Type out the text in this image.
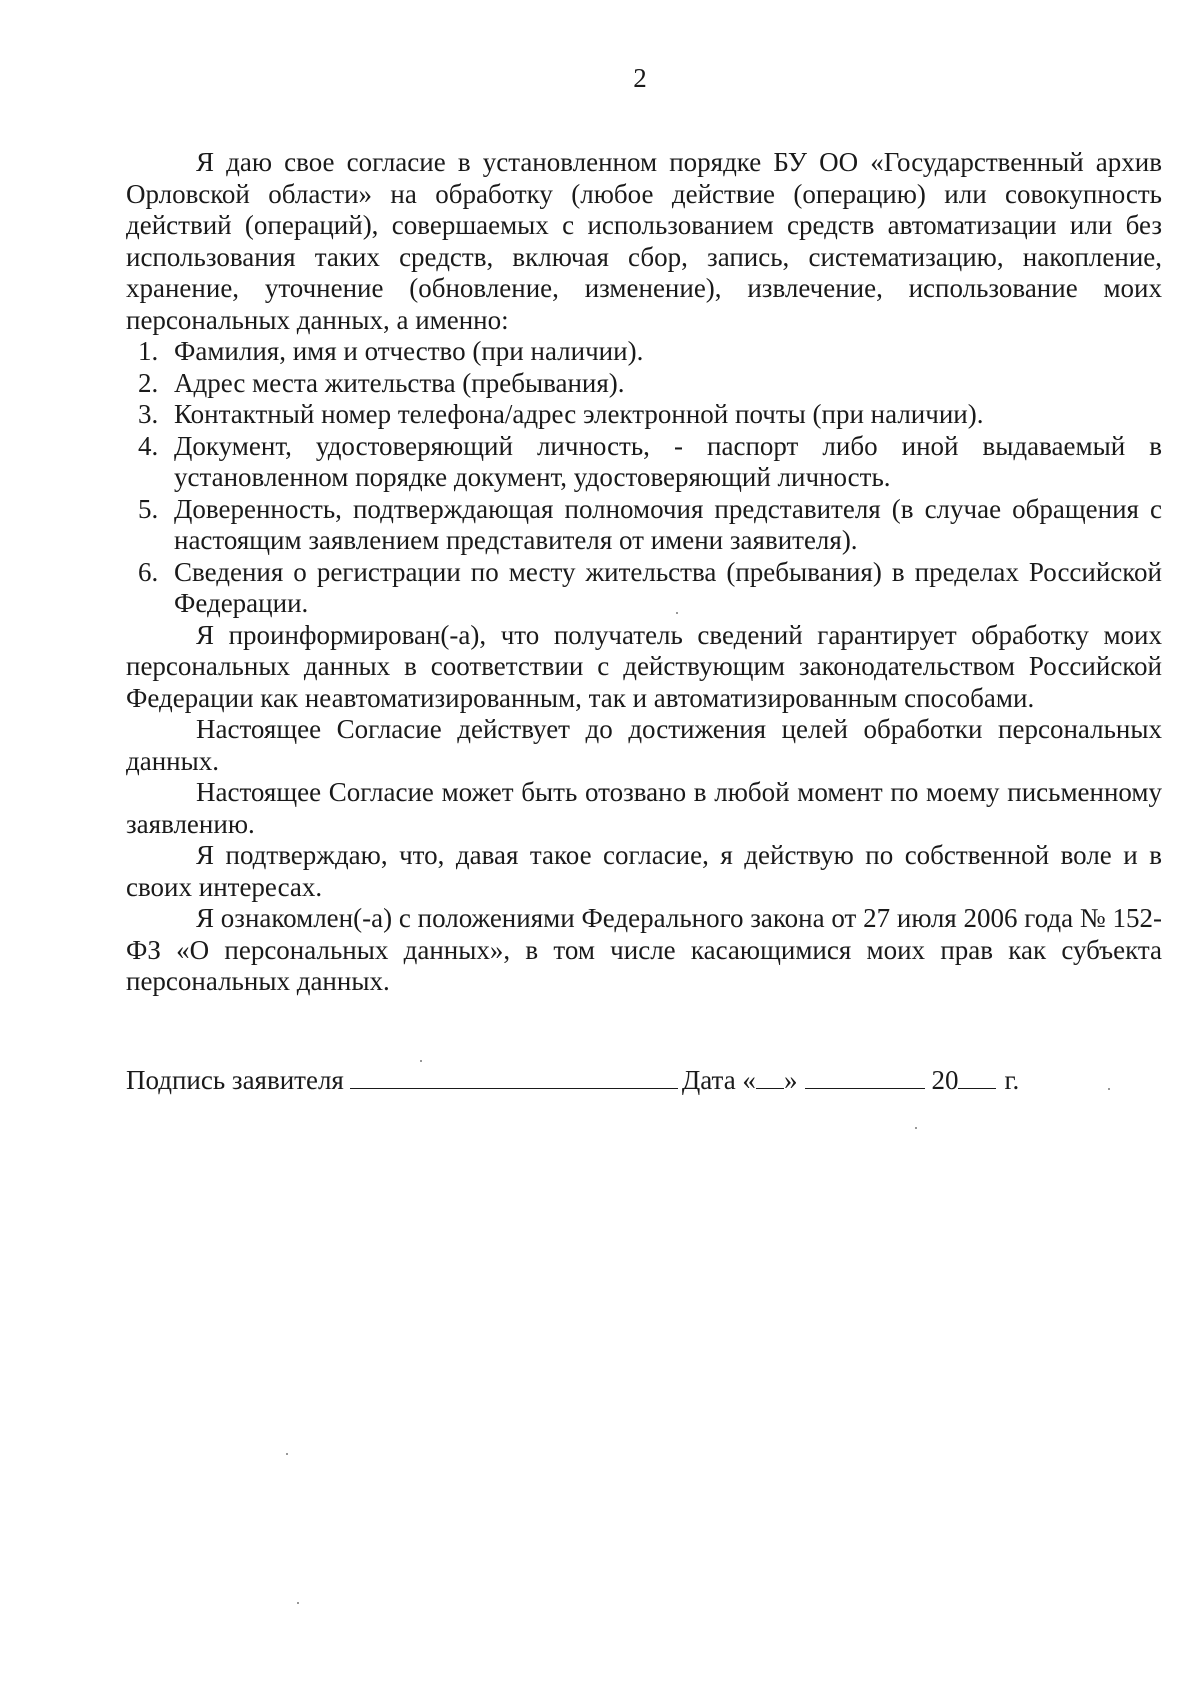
2

Я даю свое согласие в установленном порядке БУ ОО «Государственный архив Орловской области» на обработку (любое действие (операцию) или совокупность действий (операций), совершаемых с использованием средств автоматизации или без использования таких средств, включая сбор, запись, систематизацию, накопление, хранение, уточнение (обновление, изменение), извлечение, использование моих персональных данных, а именно:

1. Фамилия, имя и отчество (при наличии).
2. Адрес места жительства (пребывания).
3. Контактный номер телефона/адрес электронной почты (при наличии).
4. Документ, удостоверяющий личность, - паспорт либо иной выдаваемый в установленном порядке документ, удостоверяющий личность.
5. Доверенность, подтверждающая полномочия представителя (в случае обращения с настоящим заявлением представителя от имени заявителя).
6. Сведения о регистрации по месту жительства (пребывания) в пределах Российской Федерации.

Я проинформирован(-а), что получатель сведений гарантирует обработку моих персональных данных в соответствии с действующим законодательством Российской Федерации как неавтоматизированным, так и автоматизированным способами.

Настоящее Согласие действует до достижения целей обработки персональных данных.

Настоящее Согласие может быть отозвано в любой момент по моему письменному заявлению.

Я подтверждаю, что, давая такое согласие, я действую по собственной воле и в своих интересах.

Я ознакомлен(-а) с положениями Федерального закона от 27 июля 2006 года № 152-ФЗ «О персональных данных», в том числе касающимися моих прав как субъекта персональных данных.

Подпись заявителя	Дата « »	20 г.
